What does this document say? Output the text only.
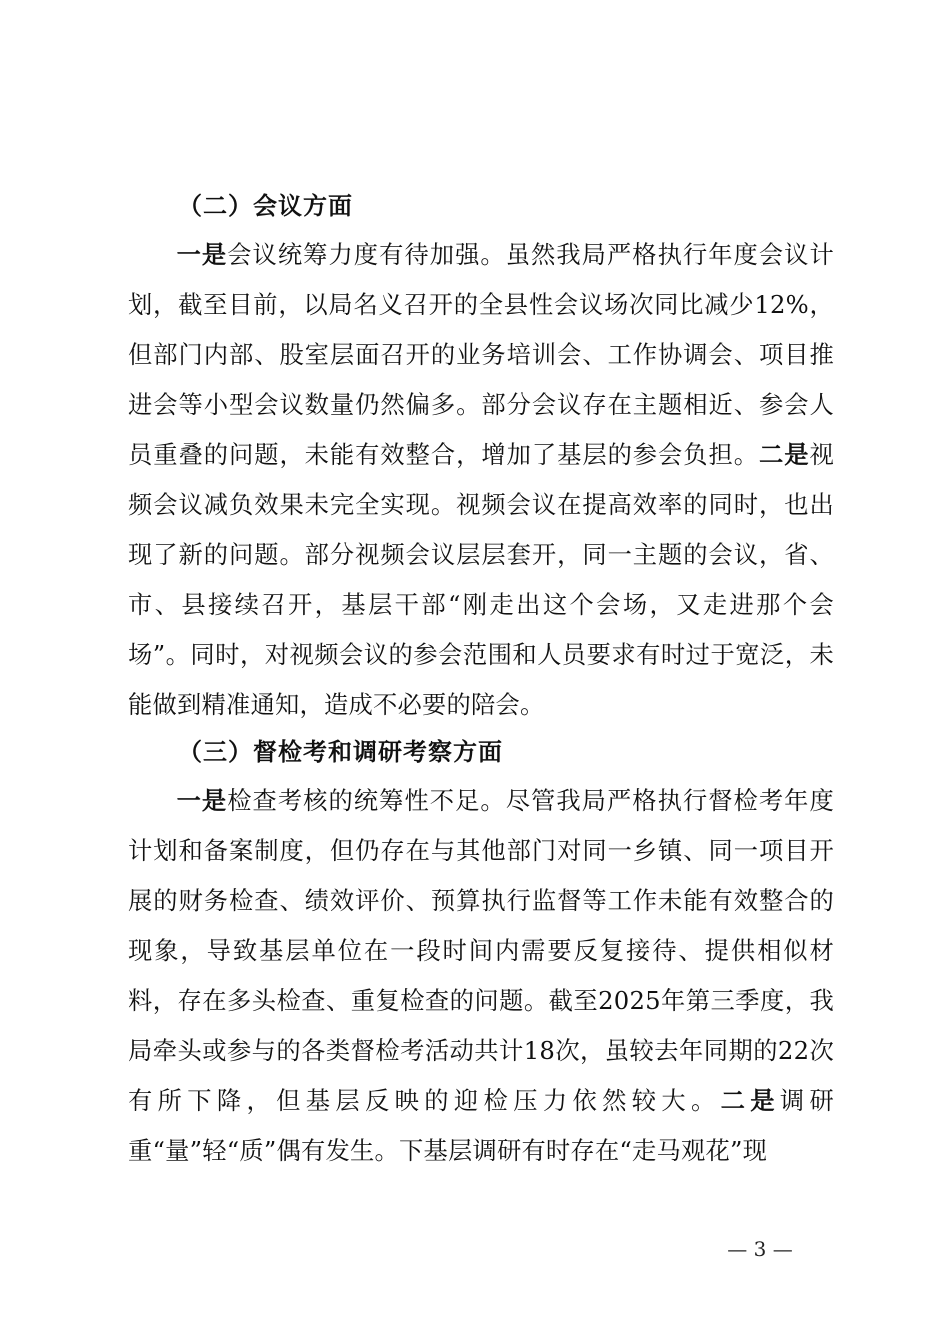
（二）会议方面
一是会议统筹力度有待加强。虽然我局严格执行年度会议计划，截至目前，以局名义召开的全县性会议场次同比减少12%，但部门内部、股室层面召开的业务培训会、工作协调会、项目推进会等小型会议数量仍然偏多。部分会议存在主题相近、参会人员重叠的问题，未能有效整合，增加了基层的参会负担。二是视频会议减负效果未完全实现。视频会议在提高效率的同时，也出现了新的问题。部分视频会议层层套开，同一主题的会议，省、市、县接续召开，基层干部“刚走出这个会场，又走进那个会场”。同时，对视频会议的参会范围和人员要求有时过于宽泛，未能做到精准通知，造成不必要的陪会。
（三）督检考和调研考察方面
一是检查考核的统筹性不足。尽管我局严格执行督检考年度计划和备案制度，但仍存在与其他部门对同一乡镇、同一项目开展的财务检查、绩效评价、预算执行监督等工作未能有效整合的现象，导致基层单位在一段时间内需要反复接待、提供相似材料，存在多头检查、重复检查的问题。截至2025年第三季度，我局牵头或参与的各类督检考活动共计18次，虽较去年同期的22次有所下降，但基层反映的迎检压力依然较大。二是调研重“量”轻“质”偶有发生。下基层调研有时存在“走马观花”现
— 3 —
